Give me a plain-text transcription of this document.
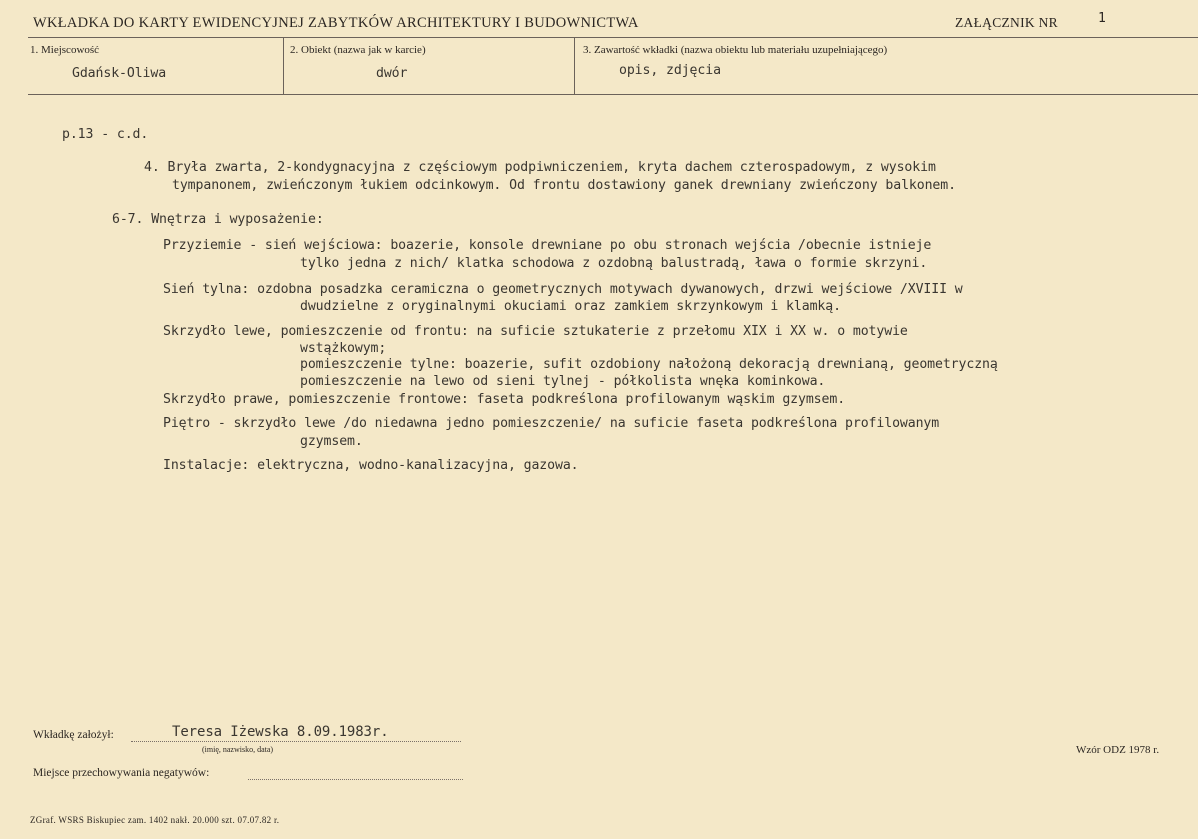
WKŁADKA DO KARTY EWIDENCYJNEJ ZABYTKÓW ARCHITEKTURY I BUDOWNICTWA	ZAŁĄCZNIK NR	1
1. Miejscowość
Gdańsk-Oliwa
2. Obiekt (nazwa jak w karcie)
dwór
3. Zawartość wkładki (nazwa obiektu lub materiału uzupełniającego)
opis, zdjęcia
p.13 - c.d.
4. Bryła zwarta, 2-kondygnacyjna z częściowym podpiwniczeniem, kryta dachem czterospadowym, z wysokim
tympanonem, zwieńczonym łukiem odcinkowym. Od frontu dostawiony ganek drewniany zwieńczony balkonem.
6-7. Wnętrza i wyposażenie:
Przyziemie - sień wejściowa: boazerie, konsole drewniane po obu stronach wejścia /obecnie istnieje
tylko jedna z nich/ klatka schodowa z ozdobną balustradą, ława o formie skrzyni.
Sień tylna: ozdobna posadzka ceramiczna o geometrycznych motywach dywanowych, drzwi wejściowe /XVIII w
dwudzielne z oryginalnymi okuciami oraz zamkiem skrzynkowym i klamką.
Skrzydło lewe, pomieszczenie od frontu: na suficie sztukaterie z przełomu XIX i XX w. o motywie
wstążkowym;
pomieszczenie tylne: boazerie, sufit ozdobiony nałożoną dekoracją drewnianą, geometryczną
pomieszczenie na lewo od sieni tylnej - półkolista wnęka kominkowa.
Skrzydło prawe, pomieszczenie frontowe: faseta podkreślona profilowanym wąskim gzymsem.
Piętro - skrzydło lewe /do niedawna jedno pomieszczenie/ na suficie faseta podkreślona profilowanym
gzymsem.
Instalacje: elektryczna, wodno-kanalizacyjna, gazowa.
Wkładkę założył:	Teresa Iżewska 8.09.1983r.
(imię, nazwisko, data)	Wzór ODZ 1978 r.
Miejsce przechowywania negatywów:
ZGraf. WSRS Biskupiec zam. 1402 nakł. 20.000 szt. 07.07.82 r.
